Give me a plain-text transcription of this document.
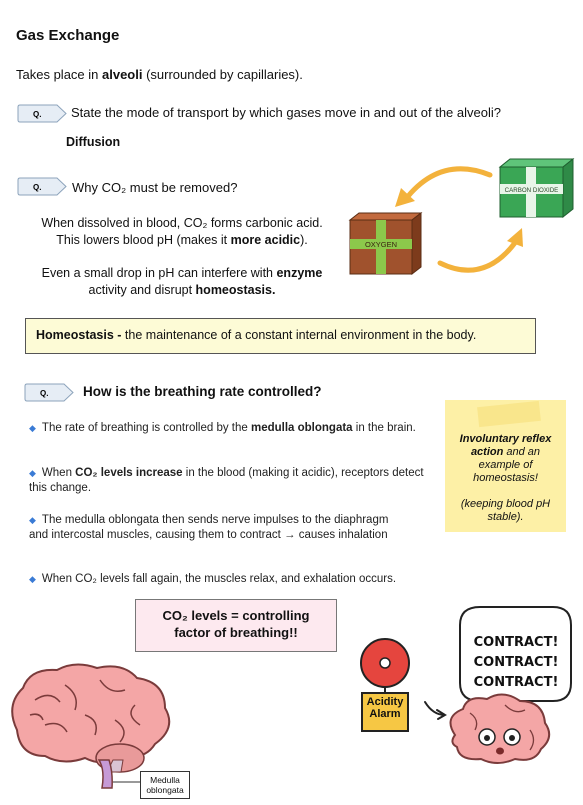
Gas Exchange
Takes place in alveoli (surrounded by capillaries).
Q. State the mode of transport by which gases move in and out of the alveoli?
Diffusion
Q. Why CO₂ must be removed?
When dissolved in blood, CO₂ forms carbonic acid.
This lowers blood pH (makes it more acidic).
Even a small drop in pH can interfere with enzyme
activity and disrupt homeostasis.
CARBON DIOXIDE
OXYGEN
Homeostasis - the maintenance of a constant internal environment in the body.
Q.	How is the breathing rate controlled?
◆ The rate of breathing is controlled by the medulla oblongata in the brain.
◆ When CO₂ levels increase in the blood (making it acidic), receptors detect this change.
◆ The medulla oblongata then sends nerve impulses to the diaphragm
and intercostal muscles, causing them to contract → causes inhalation
◆ When CO₂ levels fall again, the muscles relax, and exhalation occurs.
Involuntary reflex action and an example of homeostasis!
(keeping blood pH stable).
CO₂ levels = controlling
factor of breathing!!
Medulla
oblongata
Acidity
Alarm
CONTRACT!
CONTRACT!
CONTRACT!
